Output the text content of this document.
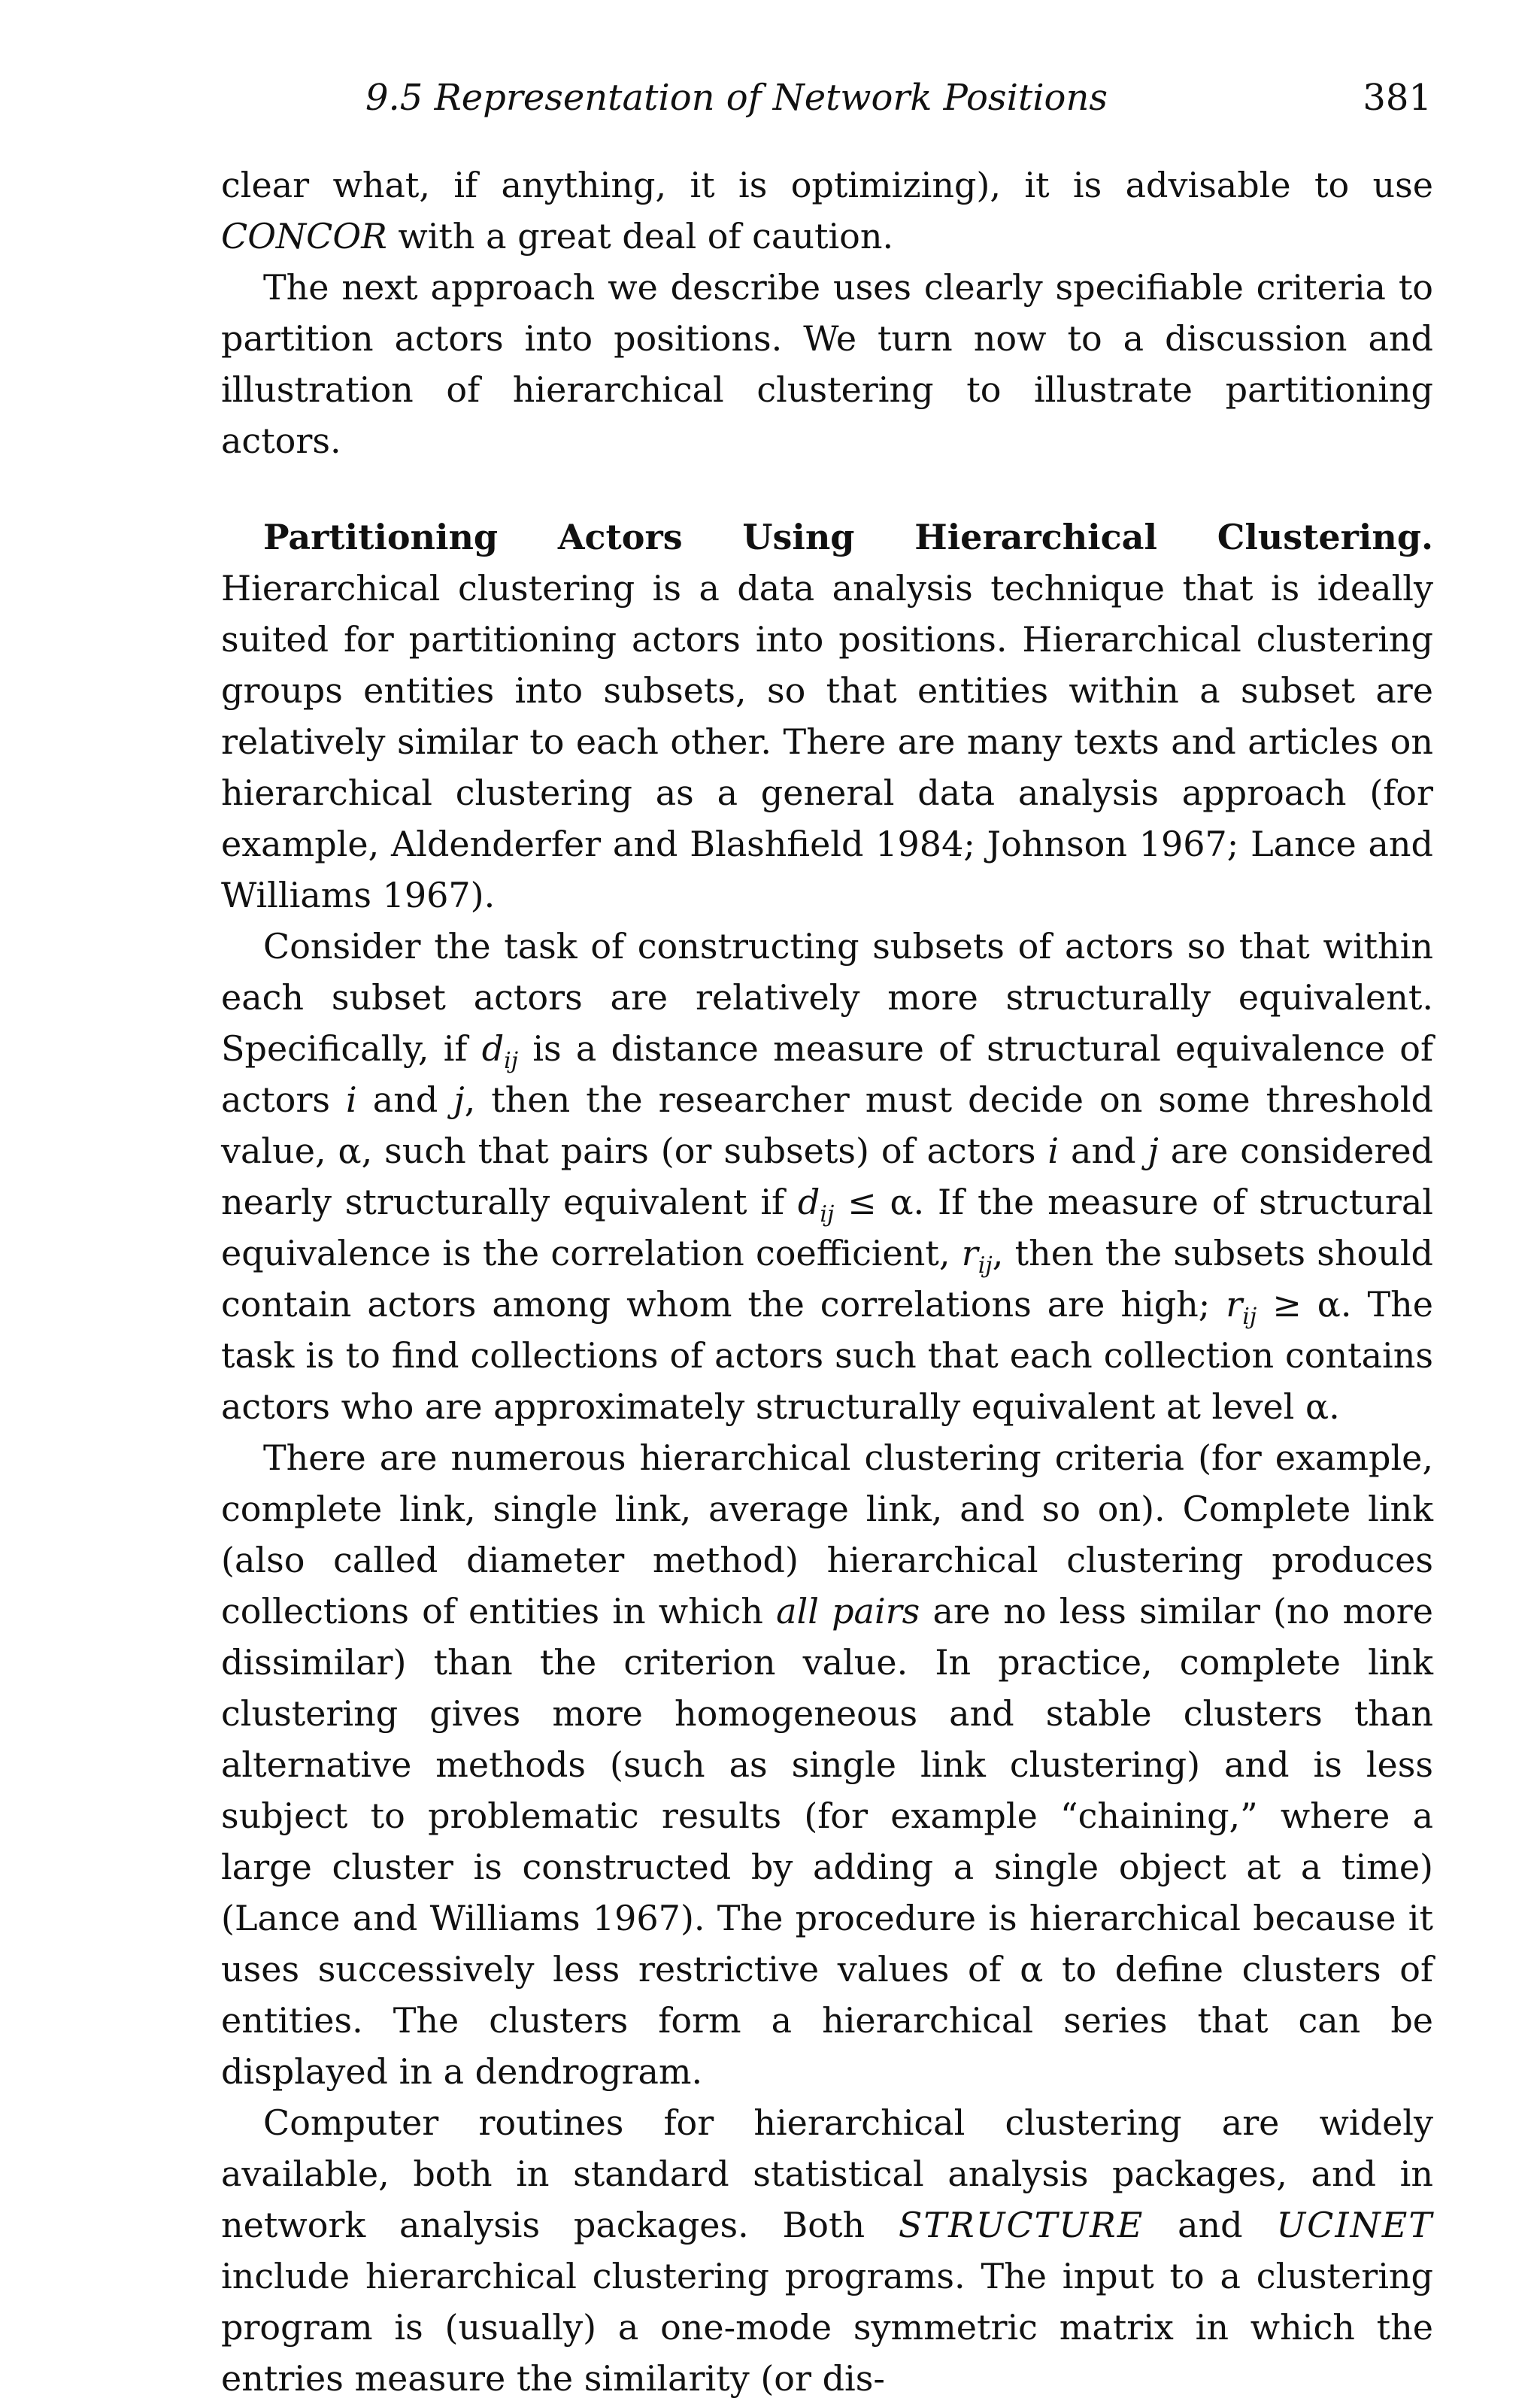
9.5 Representation of Network Positions	381

clear what, if anything, it is optimizing), it is advisable to use CONCOR with a great deal of caution.

The next approach we describe uses clearly specifiable criteria to partition actors into positions. We turn now to a discussion and illustration of hierarchical clustering to illustrate partitioning actors.

Partitioning Actors Using Hierarchical Clustering. Hierarchical clustering is a data analysis technique that is ideally suited for partitioning actors into positions. Hierarchical clustering groups entities into subsets, so that entities within a subset are relatively similar to each other. There are many texts and articles on hierarchical clustering as a general data analysis approach (for example, Aldenderfer and Blashfield 1984; Johnson 1967; Lance and Williams 1967).

Consider the task of constructing subsets of actors so that within each subset actors are relatively more structurally equivalent. Specifically, if $d_{ij}$ is a distance measure of structural equivalence of actors i and j, then the researcher must decide on some threshold value, α, such that pairs (or subsets) of actors i and j are considered nearly structurally equivalent if $d_{ij} \le \alpha$. If the measure of structural equivalence is the correlation coefficient, $r_{ij}$, then the subsets should contain actors among whom the correlations are high; $r_{ij} \ge \alpha$. The task is to find collections of actors such that each collection contains actors who are approximately structurally equivalent at level α.

There are numerous hierarchical clustering criteria (for example, complete link, single link, average link, and so on). Complete link (also called diameter method) hierarchical clustering produces collections of entities in which all pairs are no less similar (no more dissimilar) than the criterion value. In practice, complete link clustering gives more homogeneous and stable clusters than alternative methods (such as single link clustering) and is less subject to problematic results (for example “chaining,” where a large cluster is constructed by adding a single object at a time) (Lance and Williams 1967). The procedure is hierarchical because it uses successively less restrictive values of α to define clusters of entities. The clusters form a hierarchical series that can be displayed in a dendrogram.

Computer routines for hierarchical clustering are widely available, both in standard statistical analysis packages, and in network analysis packages. Both STRUCTURE and UCINET include hierarchical clustering programs. The input to a clustering program is (usually) a one-mode symmetric matrix in which the entries measure the similarity (or dis-
